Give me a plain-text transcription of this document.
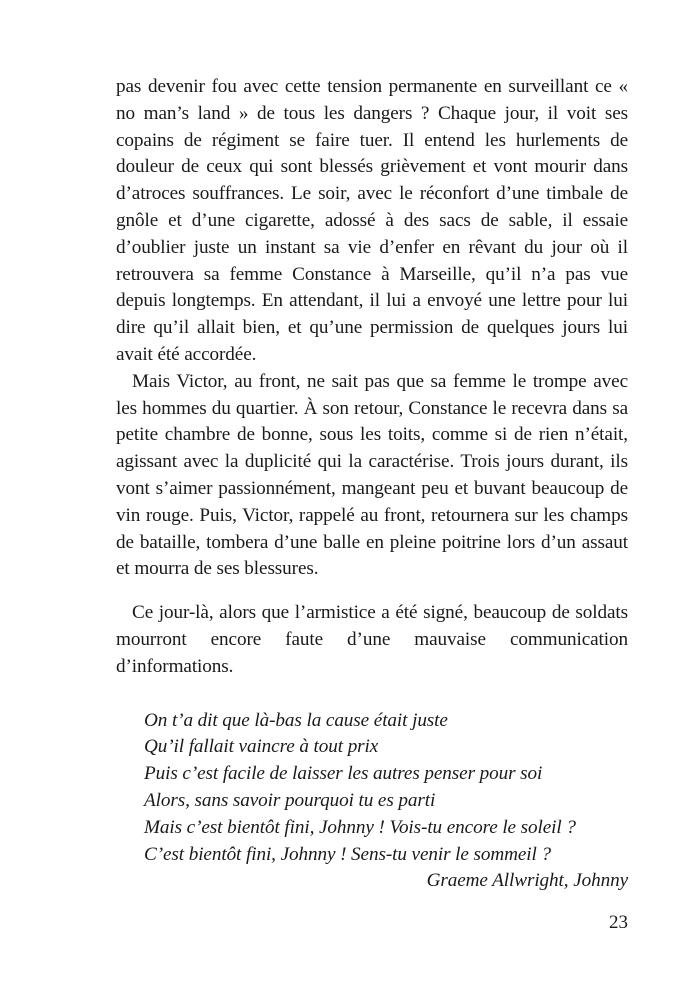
pas devenir fou avec cette tension permanente en surveillant ce « no man’s land » de tous les dangers ? Chaque jour, il voit ses copains de régiment se faire tuer. Il entend les hurlements de douleur de ceux qui sont blessés grièvement et vont mourir dans d’atroces souffrances. Le soir, avec le réconfort d’une timbale de gnôle et d’une cigarette, adossé à des sacs de sable, il essaie d’oublier juste un instant sa vie d’enfer en rêvant du jour où il retrouvera sa femme Constance à Marseille, qu’il n’a pas vue depuis longtemps. En attendant, il lui a envoyé une lettre pour lui dire qu’il allait bien, et qu’une permission de quelques jours lui avait été accordée.

Mais Victor, au front, ne sait pas que sa femme le trompe avec les hommes du quartier. À son retour, Constance le recevra dans sa petite chambre de bonne, sous les toits, comme si de rien n’était, agissant avec la duplicité qui la caractérise. Trois jours durant, ils vont s’aimer passionnément, mangeant peu et buvant beaucoup de vin rouge. Puis, Victor, rappelé au front, retournera sur les champs de bataille, tombera d’une balle en pleine poitrine lors d’un assaut et mourra de ses blessures.

Ce jour-là, alors que l’armistice a été signé, beaucoup de soldats mourront encore faute d’une mauvaise communication d’informations.

On t’a dit que là-bas la cause était juste
Qu’il fallait vaincre à tout prix
Puis c’est facile de laisser les autres penser pour soi
Alors, sans savoir pourquoi tu es parti
Mais c’est bientôt fini, Johnny ! Vois-tu encore le soleil ?
C’est bientôt fini, Johnny ! Sens-tu venir le sommeil ?
Graeme Allwright, Johnny
23
